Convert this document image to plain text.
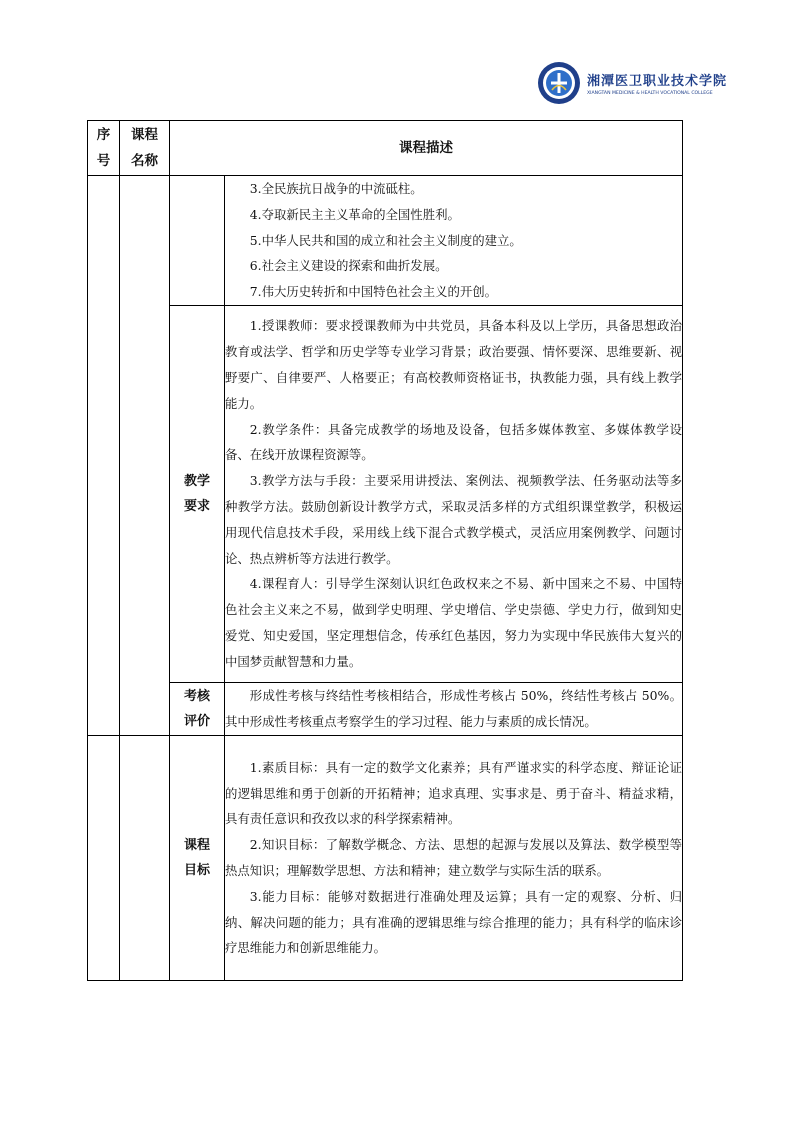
湘潭医卫职业技术学院
XIANGTAN MEDICINE & HEALTH VOCATIONAL COLLEGE
序号	课程名称	课程描述	

			3.全民族抗日战争的中流砥柱。

4.夺取新民主主义革命的全国性胜利。

5.中华人民共和国的成立和社会主义制度的建立。

6.社会主义建设的探索和曲折发展。

7.伟大历史转折和中国特色社会主义的开创。

		教学要求	1.授课教师：要求授课教师为中共党员，具备本科及以上学历，具备思想政治教育或法学、哲学和历史学等专业学习背景；政治要强、情怀要深、思维要新、视野要广、自律要严、人格要正；有高校教师资格证书，执教能力强，具有线上教学能力。

2.教学条件：具备完成教学的场地及设备，包括多媒体教室、多媒体教学设备、在线开放课程资源等。

3.教学方法与手段：主要采用讲授法、案例法、视频教学法、任务驱动法等多种教学方法。鼓励创新设计教学方式，采取灵活多样的方式组织课堂教学，积极运用现代信息技术手段，采用线上线下混合式教学模式，灵活应用案例教学、问题讨论、热点辨析等方法进行教学。

4.课程育人：引导学生深刻认识红色政权来之不易、新中国来之不易、中国特色社会主义来之不易，做到学史明理、学史增信、学史崇德、学史力行，做到知史爱党、知史爱国，坚定理想信念，传承红色基因，努力为实现中华民族伟大复兴的中国梦贡献智慧和力量。

		考核评价	形成性考核与终结性考核相结合，形成性考核占 50%，终结性考核占 50%。其中形成性考核重点考察学生的学习过程、能力与素质的成长情况。

		课程目标	1.素质目标：具有一定的数学文化素养；具有严谨求实的科学态度、辩证论证的逻辑思维和勇于创新的开拓精神；追求真理、实事求是、勇于奋斗、精益求精，具有责任意识和孜孜以求的科学探索精神。

2.知识目标：了解数学概念、方法、思想的起源与发展以及算法、数学模型等热点知识；理解数学思想、方法和精神；建立数学与实际生活的联系。

3.能力目标：能够对数据进行准确处理及运算；具有一定的观察、分析、归纳、解决问题的能力；具有准确的逻辑思维与综合推理的能力；具有科学的临床诊疗思维能力和创新思维能力。
